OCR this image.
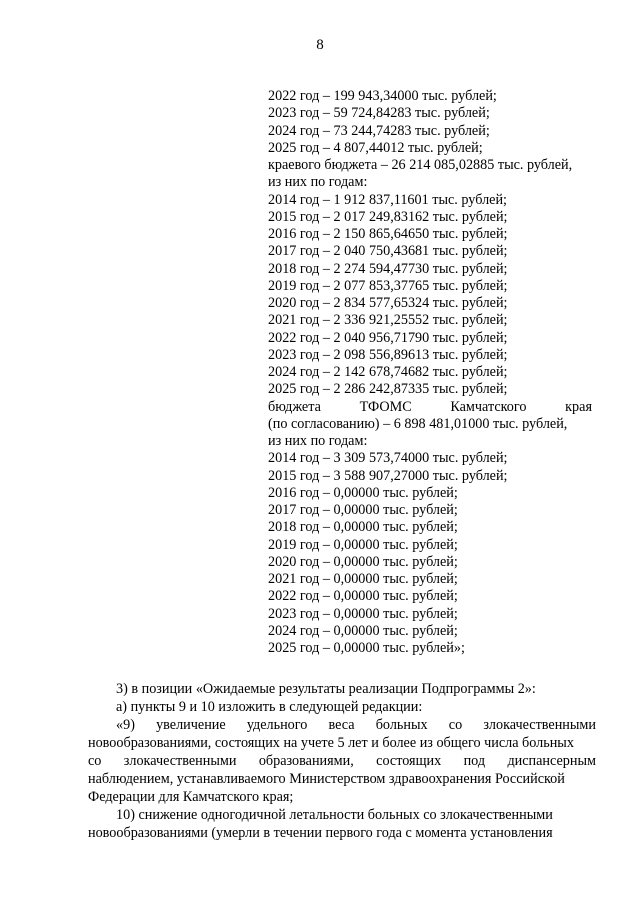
8
2022 год – 199 943,34000 тыс. рублей;
2023 год – 59 724,84283 тыс. рублей;
2024 год – 73 244,74283 тыс. рублей;
2025 год – 4 807,44012 тыс. рублей;
краевого бюджета – 26 214 085,02885 тыс. рублей,
из них по годам:
2014 год – 1 912 837,11601 тыс. рублей;
2015 год – 2 017 249,83162 тыс. рублей;
2016 год – 2 150 865,64650 тыс. рублей;
2017 год – 2 040 750,43681 тыс. рублей;
2018 год – 2 274 594,47730 тыс. рублей;
2019 год – 2 077 853,37765 тыс. рублей;
2020 год – 2 834 577,65324 тыс. рублей;
2021 год – 2 336 921,25552 тыс. рублей;
2022 год – 2 040 956,71790 тыс. рублей;
2023 год – 2 098 556,89613 тыс. рублей;
2024 год – 2 142 678,74682 тыс. рублей;
2025 год – 2 286 242,87335 тыс. рублей;
бюджета	ТФОМС	Камчатского	края
(по согласованию) – 6 898 481,01000 тыс. рублей,
из них по годам:
2014 год – 3 309 573,74000 тыс. рублей;
2015 год – 3 588 907,27000 тыс. рублей;
2016 год – 0,00000 тыс. рублей;
2017 год – 0,00000 тыс. рублей;
2018 год – 0,00000 тыс. рублей;
2019 год – 0,00000 тыс. рублей;
2020 год – 0,00000 тыс. рублей;
2021 год – 0,00000 тыс. рублей;
2022 год – 0,00000 тыс. рублей;
2023 год – 0,00000 тыс. рублей;
2024 год – 0,00000 тыс. рублей;
2025 год – 0,00000 тыс. рублей»;
3) в позиции «Ожидаемые результаты реализации Подпрограммы 2»:
а) пункты 9 и 10 изложить в следующей редакции:
«9) увеличение удельного веса больных со злокачественными
новообразованиями, состоящих на учете 5 лет и более из общего числа больных
со злокачественными образованиями, состоящих под диспансерным
наблюдением, устанавливаемого Министерством здравоохранения Российской
Федерации для Камчатского края;
10) снижение одногодичной летальности больных со злокачественными
новообразованиями (умерли в течении первого года с момента установления
